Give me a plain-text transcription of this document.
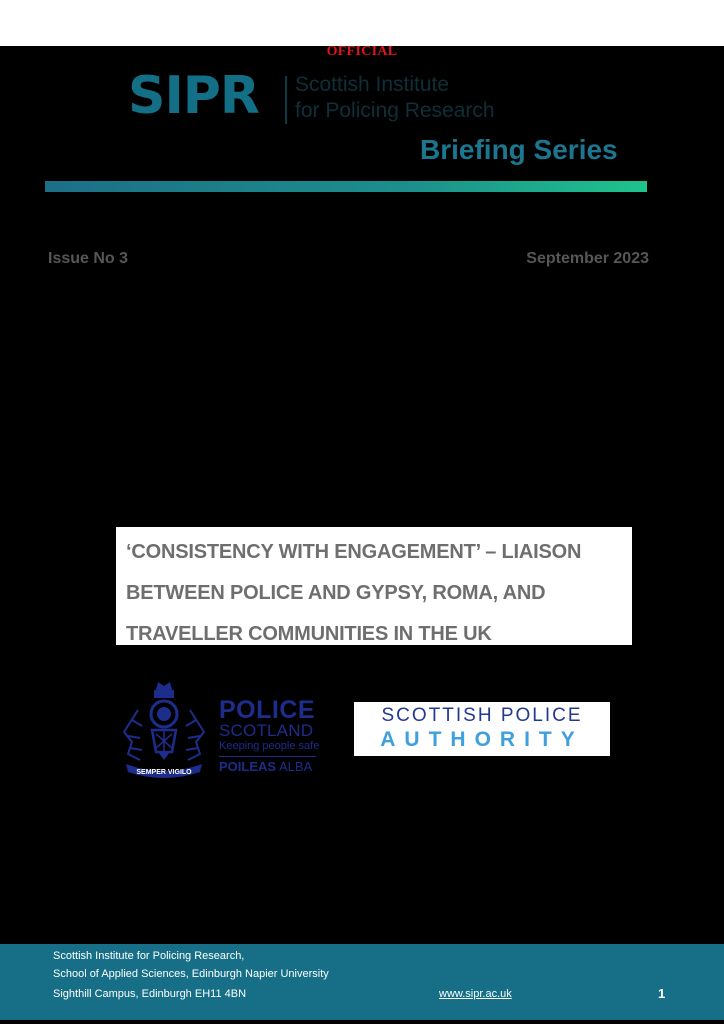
OFFICIAL
SIPR Scottish Institute
for Policing Research
Briefing Series
Issue No 3	September 2023
‘CONSISTENCY WITH ENGAGEMENT’ – LIAISON BETWEEN POLICE AND GYPSY, ROMA, AND TRAVELLER COMMUNITIES IN THE UK
SEMPER VIGILO
POLICE
SCOTLAND
Keeping people safe
POILEAS ALBA
SCOTTISH POLICE
AUTHORITY
Scottish Institute for Policing Research,
School of Applied Sciences, Edinburgh Napier University
Sighthill Campus, Edinburgh EH11 4BN	www.sipr.ac.uk	1
